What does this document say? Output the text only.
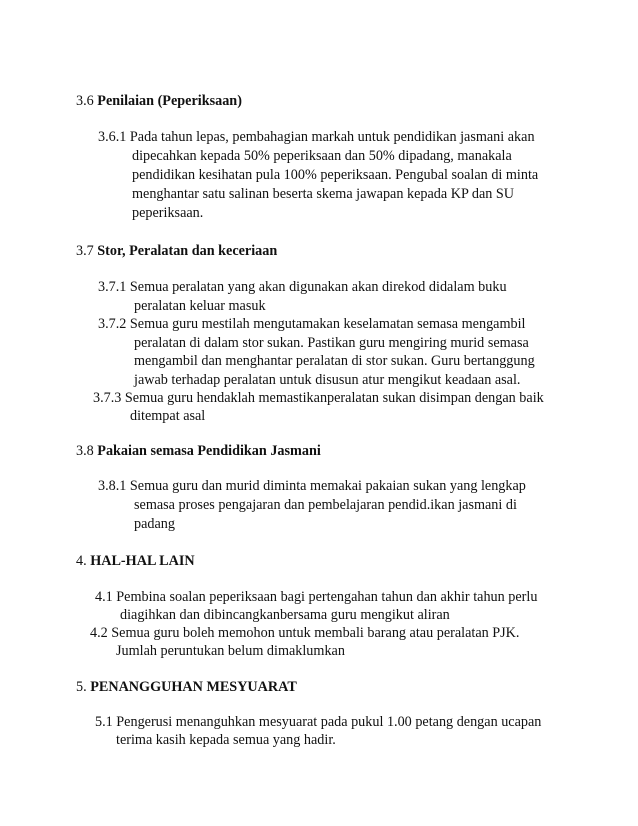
3.6 Penilaian (Peperiksaan)
3.6.1 Pada tahun lepas, pembahagian markah untuk pendidikan jasmani akan
dipecahkan kepada 50% peperiksaan dan 50% dipadang, manakala
pendidikan kesihatan pula 100% peperiksaan. Pengubal soalan di minta
menghantar satu salinan beserta skema jawapan kepada KP dan SU
peperiksaan.
3.7 Stor, Peralatan dan keceriaan
3.7.1 Semua peralatan yang akan digunakan akan direkod didalam buku
peralatan keluar masuk
3.7.2 Semua guru mestilah mengutamakan keselamatan semasa mengambil
peralatan di dalam stor sukan. Pastikan guru mengiring murid semasa
mengambil dan menghantar peralatan di stor sukan. Guru bertanggung
jawab terhadap peralatan untuk disusun atur mengikut keadaan asal.
3.7.3 Semua guru hendaklah memastikanperalatan sukan disimpan dengan baik
ditempat asal
3.8 Pakaian semasa Pendidikan Jasmani
3.8.1 Semua guru dan murid diminta memakai pakaian sukan yang lengkap
semasa proses pengajaran dan pembelajaran pendid.ikan jasmani di
padang
4. HAL-HAL LAIN
4.1 Pembina soalan peperiksaan bagi pertengahan tahun dan akhir tahun perlu
diagihkan dan dibincangkanbersama guru mengikut aliran
4.2 Semua guru boleh memohon untuk membali barang atau peralatan PJK.
Jumlah peruntukan belum dimaklumkan
5. PENANGGUHAN MESYUARAT
5.1 Pengerusi menanguhkan mesyuarat pada pukul 1.00 petang dengan ucapan
terima kasih kepada semua yang hadir.
